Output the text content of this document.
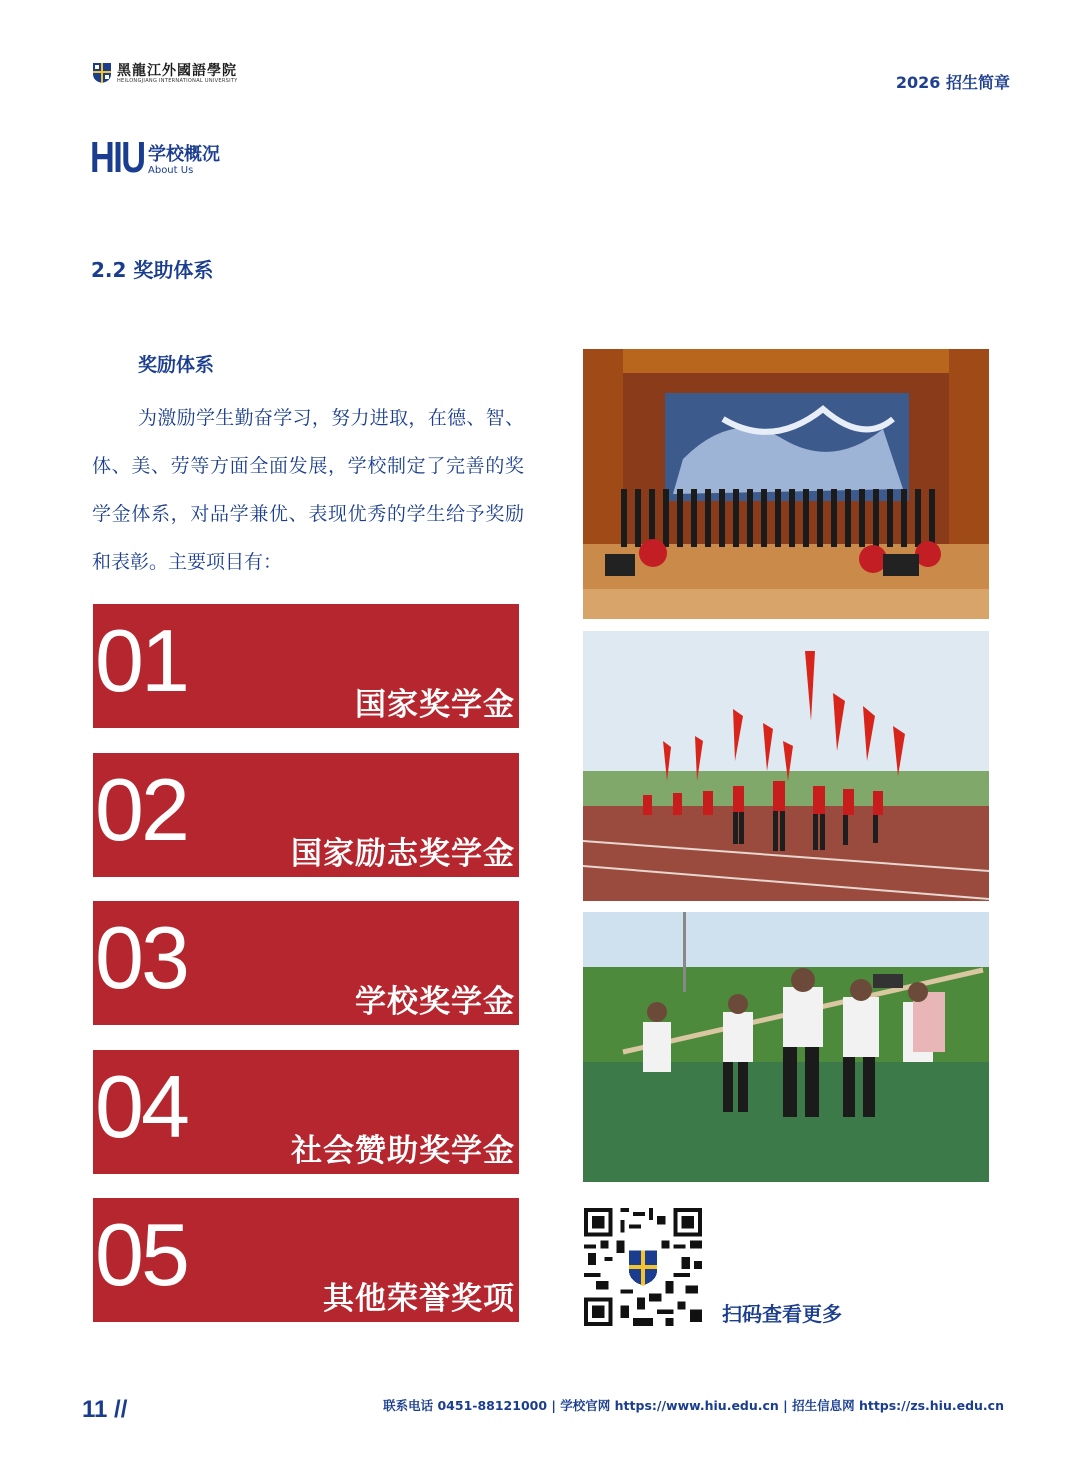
黑龍江外國語學院
HEILONGJIANG INTERNATIONAL UNIVERSITY	2026 招生简章
HIU 学校概况
About Us
2.2 奖助体系
奖励体系
为激励学生勤奋学习，努力进取，在德、智、体、美、劳等方面全面发展，学校制定了完善的奖学金体系，对品学兼优、表现优秀的学生给予奖励和表彰。主要项目有：
01	国家奖学金
02	国家励志奖学金
03	学校奖学金
04	社会赞助奖学金
05	其他荣誉奖项	扫码查看更多
11 //	联系电话 0451-88121000 | 学校官网 https://www.hiu.edu.cn | 招生信息网 https://zs.hiu.edu.cn
